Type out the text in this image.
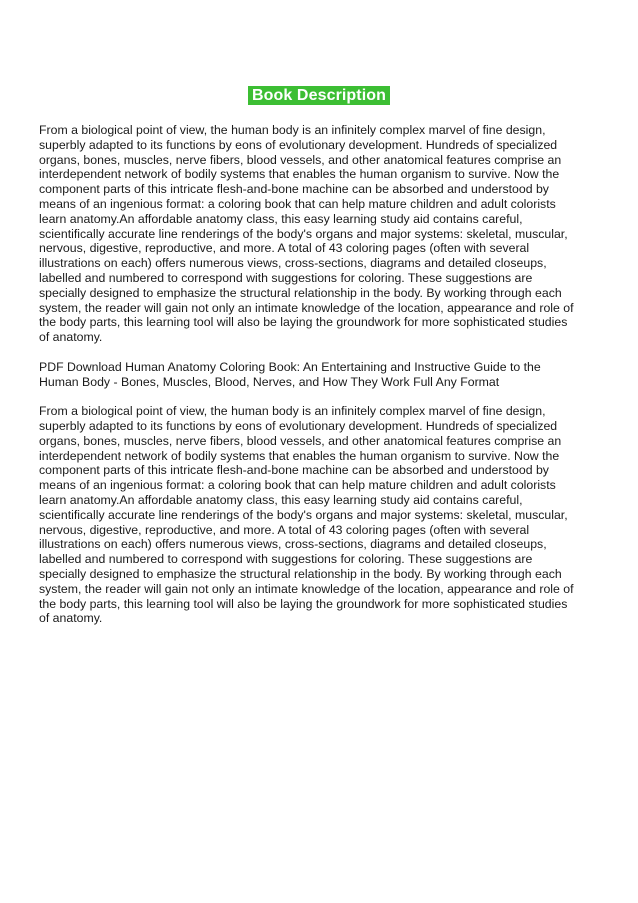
Book Description

From a biological point of view, the human body is an infinitely complex marvel of fine design,
superbly adapted to its functions by eons of evolutionary development. Hundreds of specialized
organs, bones, muscles, nerve fibers, blood vessels, and other anatomical features comprise an
interdependent network of bodily systems that enables the human organism to survive. Now the
component parts of this intricate flesh-and-bone machine can be absorbed and understood by
means of an ingenious format: a coloring book that can help mature children and adult colorists
learn anatomy.An affordable anatomy class, this easy learning study aid contains careful,
scientifically accurate line renderings of the body's organs and major systems: skeletal, muscular,
nervous, digestive, reproductive, and more. A total of 43 coloring pages (often with several
illustrations on each) offers numerous views, cross-sections, diagrams and detailed closeups,
labelled and numbered to correspond with suggestions for coloring. These suggestions are
specially designed to emphasize the structural relationship in the body. By working through each
system, the reader will gain not only an intimate knowledge of the location, appearance and role of
the body parts, this learning tool will also be laying the groundwork for more sophisticated studies
of anatomy.

PDF Download Human Anatomy Coloring Book: An Entertaining and Instructive Guide to the
Human Body - Bones, Muscles, Blood, Nerves, and How They Work Full Any Format

From a biological point of view, the human body is an infinitely complex marvel of fine design,
superbly adapted to its functions by eons of evolutionary development. Hundreds of specialized
organs, bones, muscles, nerve fibers, blood vessels, and other anatomical features comprise an
interdependent network of bodily systems that enables the human organism to survive. Now the
component parts of this intricate flesh-and-bone machine can be absorbed and understood by
means of an ingenious format: a coloring book that can help mature children and adult colorists
learn anatomy.An affordable anatomy class, this easy learning study aid contains careful,
scientifically accurate line renderings of the body's organs and major systems: skeletal, muscular,
nervous, digestive, reproductive, and more. A total of 43 coloring pages (often with several
illustrations on each) offers numerous views, cross-sections, diagrams and detailed closeups,
labelled and numbered to correspond with suggestions for coloring. These suggestions are
specially designed to emphasize the structural relationship in the body. By working through each
system, the reader will gain not only an intimate knowledge of the location, appearance and role of
the body parts, this learning tool will also be laying the groundwork for more sophisticated studies
of anatomy.
